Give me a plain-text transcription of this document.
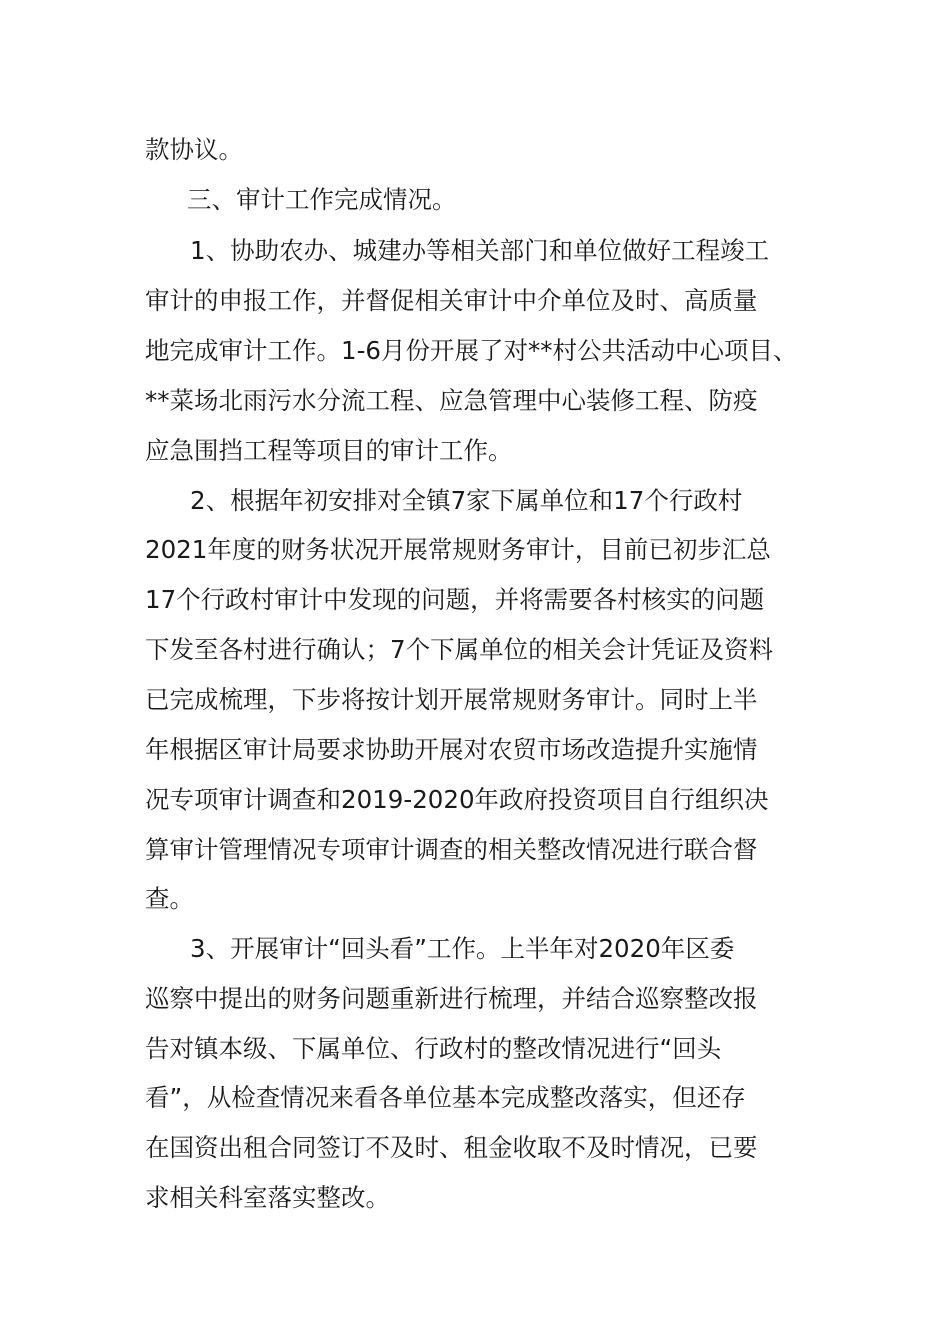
款协议。
三、审计工作完成情况。
1、协助农办、城建办等相关部门和单位做好工程竣工
审计的申报工作，并督促相关审计中介单位及时、高质量
地完成审计工作。1-6月份开展了对**村公共活动中心项目、
**菜场北雨污水分流工程、应急管理中心装修工程、防疫
应急围挡工程等项目的审计工作。
2、根据年初安排对全镇7家下属单位和17个行政村
2021年度的财务状况开展常规财务审计，目前已初步汇总
17个行政村审计中发现的问题，并将需要各村核实的问题
下发至各村进行确认；7个下属单位的相关会计凭证及资料
已完成梳理，下步将按计划开展常规财务审计。同时上半
年根据区审计局要求协助开展对农贸市场改造提升实施情
况专项审计调查和2019-2020年政府投资项目自行组织决
算审计管理情况专项审计调查的相关整改情况进行联合督
查。
3、开展审计“回头看”工作。上半年对2020年区委
巡察中提出的财务问题重新进行梳理，并结合巡察整改报
告对镇本级、下属单位、行政村的整改情况进行“回头
看”，从检查情况来看各单位基本完成整改落实，但还存
在国资出租合同签订不及时、租金收取不及时情况，已要
求相关科室落实整改。
